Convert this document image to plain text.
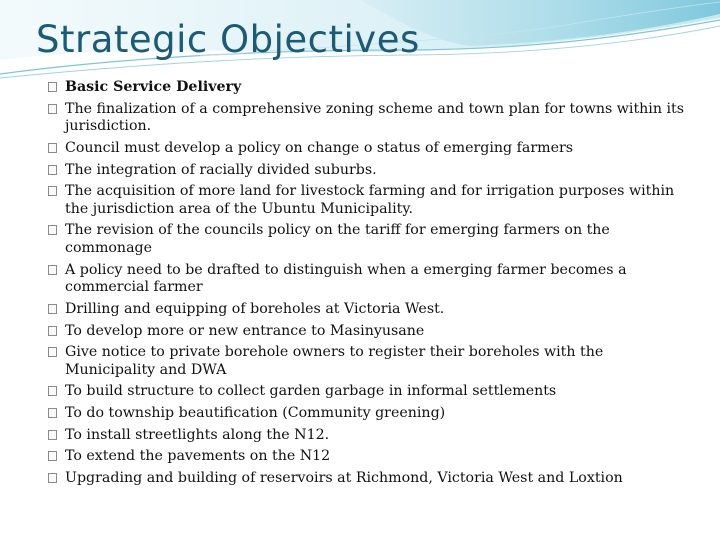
Strategic Objectives
Basic Service Delivery
The finalization of a comprehensive zoning scheme and town plan for towns within its jurisdiction.
Council must develop a policy on change o status of emerging farmers
The integration of racially divided suburbs.
The acquisition of more land for livestock farming and for irrigation purposes within the jurisdiction area of the Ubuntu Municipality.
The revision of the councils policy on the tariff for emerging farmers on the commonage
A policy need to be drafted to distinguish when a emerging farmer becomes a commercial farmer
Drilling and equipping of boreholes at Victoria West.
To develop more or new entrance to Masinyusane
Give notice to private borehole owners to register their boreholes with the Municipality and DWA
To build structure to collect garden garbage in informal settlements
To do township beautification (Community greening)
To install streetlights along the N12.
To extend the pavements on the N12
Upgrading and building of reservoirs at Richmond, Victoria West and Loxtion
